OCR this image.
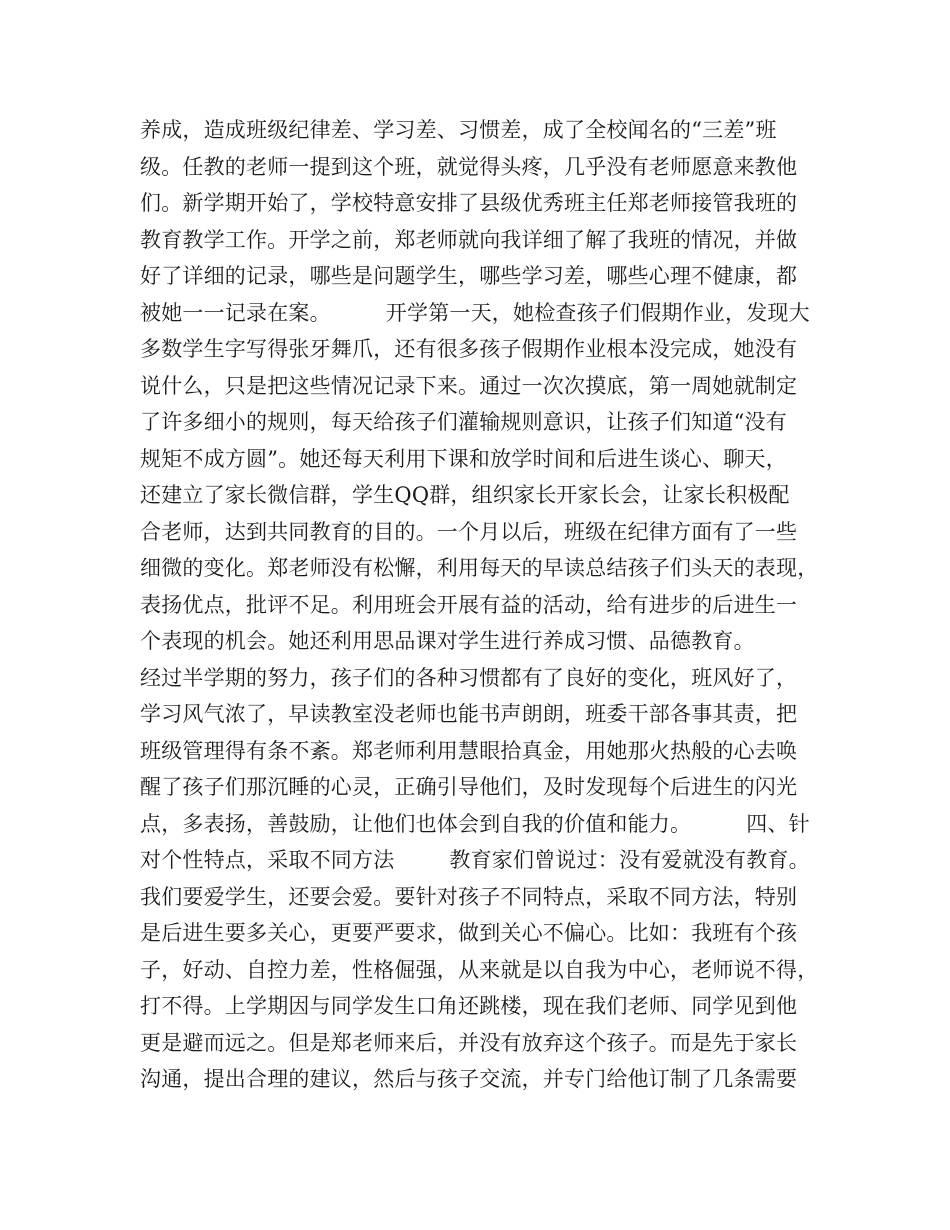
养成，造成班级纪律差、学习差、习惯差，成了全校闻名的“三差”班
级。任教的老师一提到这个班，就觉得头疼，几乎没有老师愿意来教他
们。新学期开始了，学校特意安排了县级优秀班主任郑老师接管我班的
教育教学工作。开学之前，郑老师就向我详细了解了我班的情况，并做
好了详细的记录，哪些是问题学生，哪些学习差，哪些心理不健康，都
被她一一记录在案。        开学第一天，她检查孩子们假期作业，发现大
多数学生字写得张牙舞爪，还有很多孩子假期作业根本没完成，她没有
说什么，只是把这些情况记录下来。通过一次次摸底，第一周她就制定
了许多细小的规则，每天给孩子们灌输规则意识，让孩子们知道“没有
规矩不成方圆”。她还每天利用下课和放学时间和后进生谈心、聊天，
还建立了家长微信群，学生QQ群，组织家长开家长会，让家长积极配
合老师，达到共同教育的目的。一个月以后，班级在纪律方面有了一些
细微的变化。郑老师没有松懈，利用每天的早读总结孩子们头天的表现，
表扬优点，批评不足。利用班会开展有益的活动，给有进步的后进生一
个表现的机会。她还利用思品课对学生进行养成习惯、品德教育。
经过半学期的努力，孩子们的各种习惯都有了良好的变化，班风好了，
学习风气浓了，早读教室没老师也能书声朗朗，班委干部各事其责，把
班级管理得有条不紊。郑老师利用慧眼拾真金，用她那火热般的心去唤
醒了孩子们那沉睡的心灵，正确引导他们，及时发现每个后进生的闪光
点，多表扬，善鼓励，让他们也体会到自我的价值和能力。        四、针
对个性特点，采取不同方法        教育家们曾说过：没有爱就没有教育。
我们要爱学生，还要会爱。要针对孩子不同特点，采取不同方法，特别
是后进生要多关心，更要严要求，做到关心不偏心。比如：我班有个孩
子，好动、自控力差，性格倔强，从来就是以自我为中心，老师说不得，
打不得。上学期因与同学发生口角还跳楼，现在我们老师、同学见到他
更是避而远之。但是郑老师来后，并没有放弃这个孩子。而是先于家长
沟通，提出合理的建议，然后与孩子交流，并专门给他订制了几条需要
